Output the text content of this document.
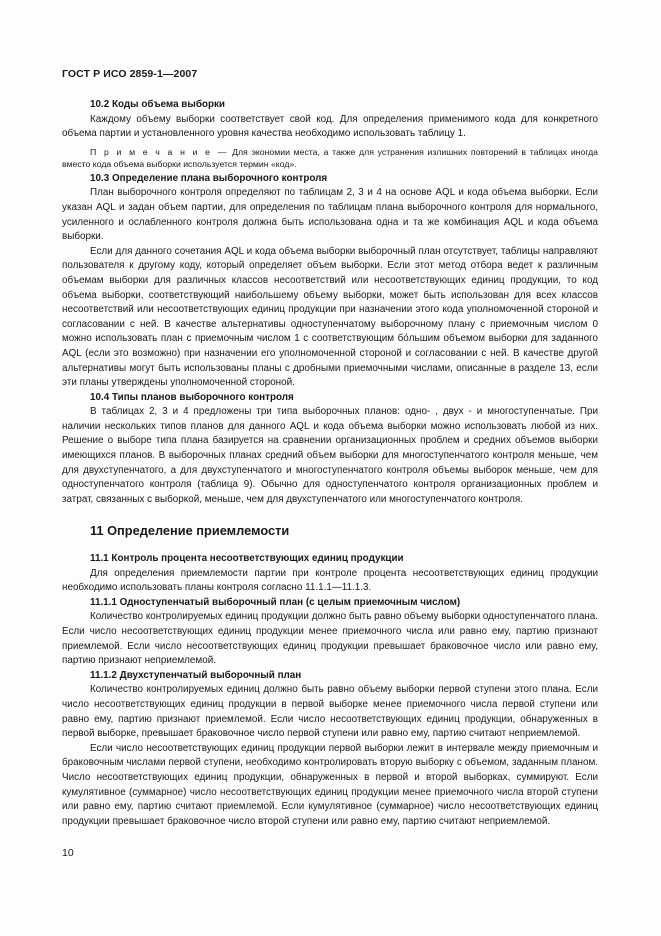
ГОСТ Р ИСО 2859-1—2007
10.2 Коды объема выборки

Каждому объему выборки соответствует свой код. Для определения применимого кода для конкретного объема партии и установленного уровня качества необходимо использовать таблицу 1.

П р и м е ч а н и е — Для экономии места, а также для устранения излишних повторений в таблицах иногда вместо кода объема выборки используется термин «код».

10.3 Определение плана выборочного контроля

План выборочного контроля определяют по таблицам 2, 3 и 4 на основе AQL и кода объема выборки. Если указан AQL и задан объем партии, для определения по таблицам плана выборочного контроля для нормального, усиленного и ослабленного контроля должна быть использована одна и та же комбинация AQL и кода объема выборки.

Если для данного сочетания AQL и кода объема выборки выборочный план отсутствует, таблицы направляют пользователя к другому коду, который определяет объем выборки. Если этот метод отбора ведет к различным объемам выборки для различных классов несоответствий или несоответствующих единиц продукции, то код объема выборки, соответствующий наибольшему объему выборки, может быть использован для всех классов несоответствий или несоответствующих единиц продукции при назначении этого кода уполномоченной стороной и согласовании с ней. В качестве альтернативы одноступенчатому выборочному плану с приемочным числом 0 можно использовать план с приемочным числом 1 с соответствующим бо́льшим объемом выборки для заданного AQL (если это возможно) при назначении его уполномоченной стороной и согласовании с ней. В качестве другой альтернативы могут быть использованы планы с дробными приемочными числами, описанные в разделе 13, если эти планы утверждены уполномоченной стороной.

10.4 Типы планов выборочного контроля

В таблицах 2, 3 и 4 предложены три типа выборочных планов: одно- , двух - и многоступенчатые. При наличии нескольких типов планов для данного AQL и кода объема выборки можно использовать любой из них. Решение о выборе типа плана базируется на сравнении организационных проблем и средних объемов выборки имеющихся планов. В выборочных планах средний объем выборки для многоступенчатого контроля меньше, чем для двухступенчатого, а для двухступенчатого и многоступенчатого контроля объемы выборок меньше, чем для одноступенчатого контроля (таблица 9). Обычно для одноступенчатого контроля организационных проблем и затрат, связанных с выборкой, меньше, чем для двухступенчатого или многоступенчатого контроля.

11 Определение приемлемости
11.1 Контроль процента несоответствующих единиц продукции

Для определения приемлемости партии при контроле процента несоответствующих единиц продукции необходимо использовать планы контроля согласно 11.1.1—11.1.3.

11.1.1 Одноступенчатый выборочный план (с целым приемочным числом)

Количество контролируемых единиц продукции должно быть равно объему выборки одноступенчатого плана. Если число несоответствующих единиц продукции менее приемочного числа или равно ему, партию признают приемлемой. Если число несоответствующих единиц продукции превышает браковочное число или равно ему, партию признают неприемлемой.

11.1.2 Двухступенчатый выборочный план

Количество контролируемых единиц должно быть равно объему выборки первой ступени этого плана. Если число несоответствующих единиц продукции в первой выборке менее приемочного числа первой ступени или равно ему, партию признают приемлемой. Если число несоответствующих единиц продукции, обнаруженных в первой выборке, превышает браковочное число первой ступени или равно ему, партию считают неприемлемой.

Если число несоответствующих единиц продукции первой выборки лежит в интервале между приемочным и браковочным числами первой ступени, необходимо контролировать вторую выборку с объемом, заданным планом. Число несоответствующих единиц продукции, обнаруженных в первой и второй выборках, суммируют. Если кумулятивное (суммарное) число несоответствующих единиц продукции менее приемочного числа второй ступени или равно ему, партию считают приемлемой. Если кумулятивное (суммарное) число несоответствующих единиц продукции превышает браковочное число второй ступени или равно ему, партию считают неприемлемой.

10
